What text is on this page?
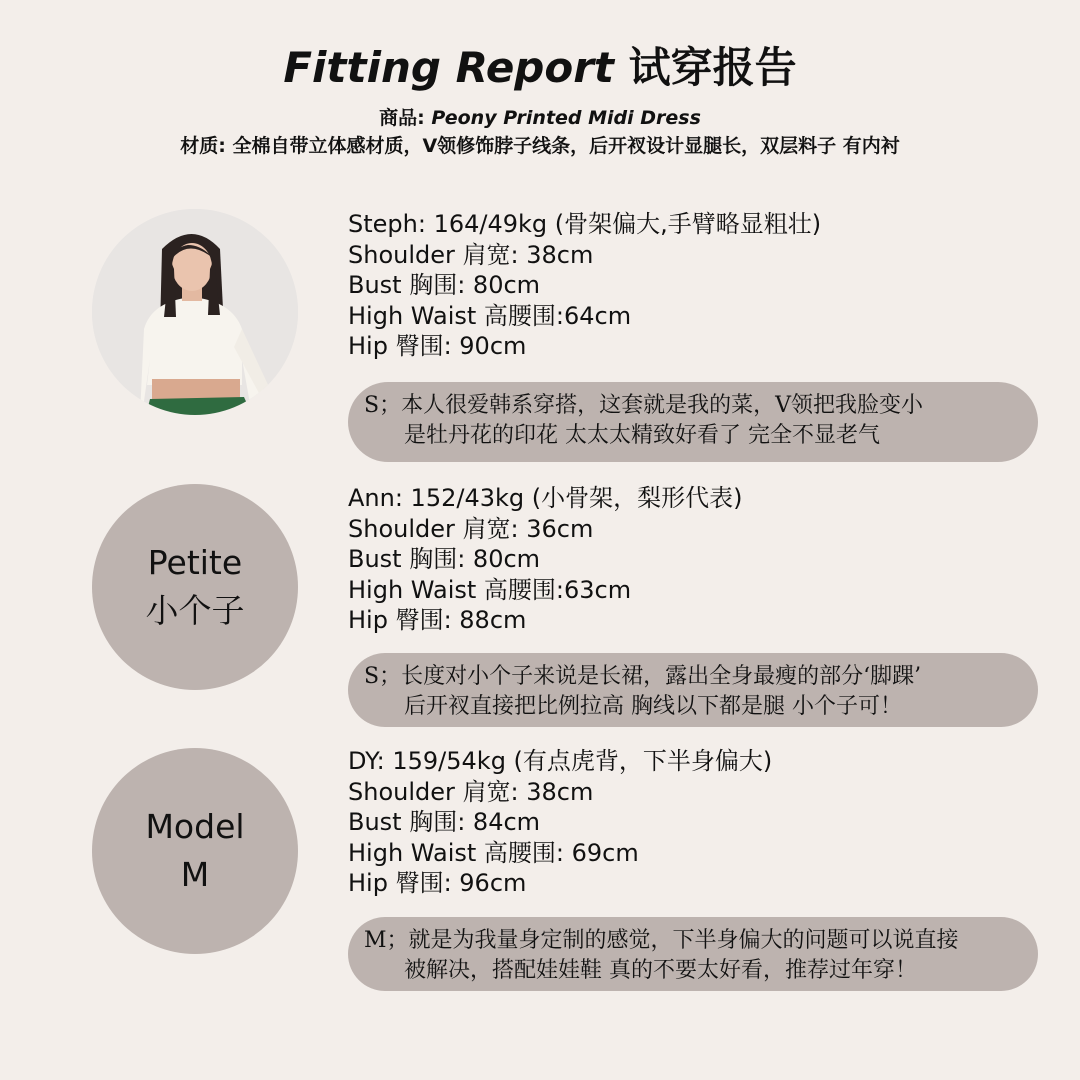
Fitting Report 试穿报告
商品: Peony Printed Midi Dress
材质: 全棉自带立体感材质，V领修饰脖子线条，后开衩设计显腿长，双层料子 有内衬
Steph: 164/49kg (骨架偏大,手臂略显粗壮)
Shoulder 肩宽: 38cm
Bust 胸围: 80cm
High Waist 高腰围:64cm
Hip 臀围: 90cm
S；本人很爱韩系穿搭，这套就是我的菜，V领把我脸变小
是牡丹花的印花 太太太精致好看了 完全不显老气
Petite
小个子
Ann: 152/43kg (小骨架，梨形代表)
Shoulder 肩宽: 36cm
Bust 胸围: 80cm
High Waist 高腰围:63cm
Hip 臀围: 88cm
S；长度对小个子来说是长裙，露出全身最瘦的部分‘脚踝’
后开衩直接把比例拉高 胸线以下都是腿 小个子可！
Model
M
DY: 159/54kg (有点虎背，下半身偏大)
Shoulder 肩宽: 38cm
Bust 胸围: 84cm
High Waist 高腰围: 69cm
Hip 臀围: 96cm
M；就是为我量身定制的感觉，下半身偏大的问题可以说直接
被解决，搭配娃娃鞋 真的不要太好看，推荐过年穿！
